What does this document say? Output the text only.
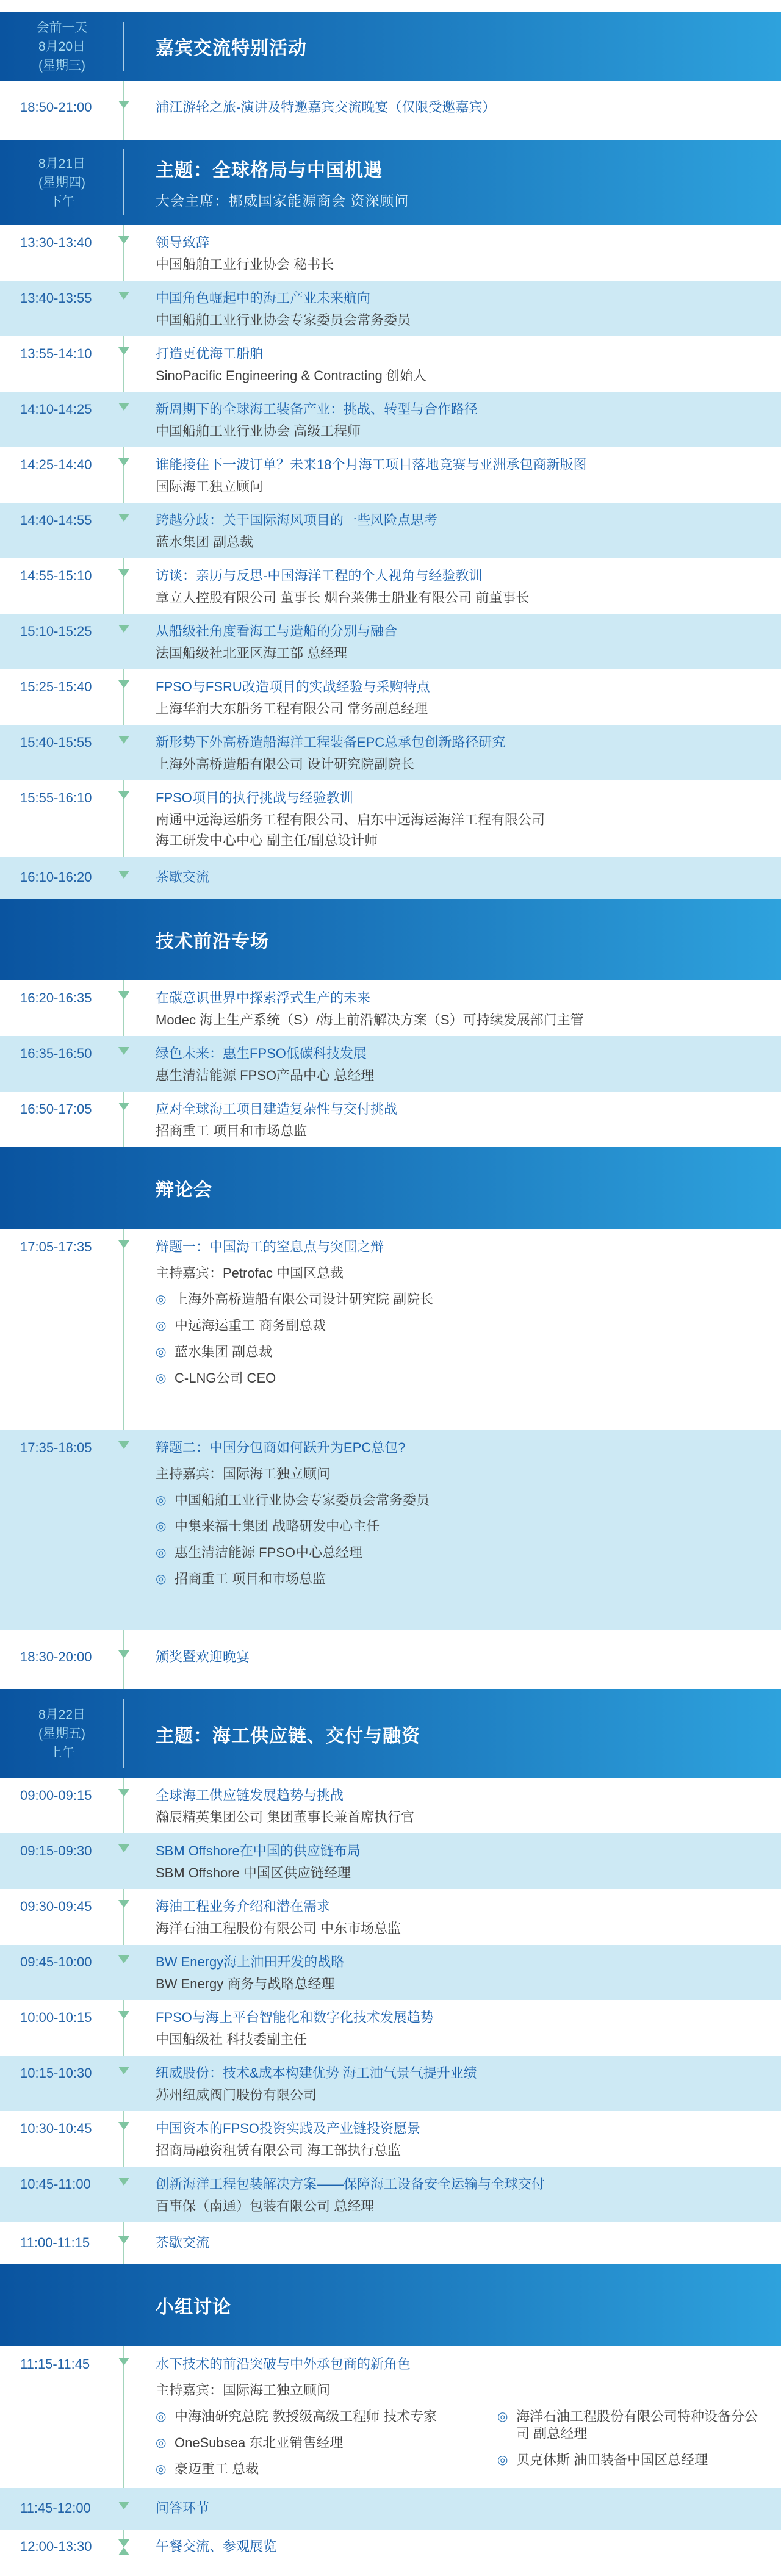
会前一天
8月20日
(星期三)
嘉宾交流特别活动
18:50-21:00	浦江游轮之旅-演讲及特邀嘉宾交流晚宴（仅限受邀嘉宾）
8月21日
(星期四)
下午
主题：全球格局与中国机遇
大会主席：挪威国家能源商会 资深顾问
13:30-13:40	领导致辞
中国船舶工业行业协会 秘书长
13:40-13:55	中国角色崛起中的海工产业未来航向
中国船舶工业行业协会专家委员会常务委员
13:55-14:10	打造更优海工船舶
SinoPacific Engineering & Contracting 创始人
14:10-14:25	新周期下的全球海工装备产业：挑战、转型与合作路径
中国船舶工业行业协会 高级工程师
14:25-14:40	谁能接住下一波订单？未来18个月海工项目落地竞赛与亚洲承包商新版图
国际海工独立顾问
14:40-14:55	跨越分歧：关于国际海风项目的一些风险点思考
蓝水集团 副总裁
14:55-15:10	访谈：亲历与反思-中国海洋工程的个人视角与经验教训
章立人控股有限公司 董事长 烟台莱佛士船业有限公司 前董事长
15:10-15:25	从船级社角度看海工与造船的分别与融合
法国船级社北亚区海工部 总经理
15:25-15:40	FPSO与FSRU改造项目的实战经验与采购特点
上海华润大东船务工程有限公司 常务副总经理
15:40-15:55	新形势下外高桥造船海洋工程装备EPC总承包创新路径研究
上海外高桥造船有限公司 设计研究院副院长
15:55-16:10	FPSO项目的执行挑战与经验教训
南通中远海运船务工程有限公司、启东中远海运海洋工程有限公司
海工研发中心中心 副主任/副总设计师
16:10-16:20	茶歇交流
技术前沿专场
16:20-16:35	在碳意识世界中探索浮式生产的未来
Modec 海上生产系统（S）/海上前沿解决方案（S）可持续发展部门主管
16:35-16:50	绿色未来：惠生FPSO低碳科技发展
惠生清洁能源 FPSO产品中心 总经理
16:50-17:05	应对全球海工项目建造复杂性与交付挑战
招商重工 项目和市场总监
辩论会
17:05-17:35	辩题一：中国海工的窒息点与突围之辩
主持嘉宾：Petrofac 中国区总裁
◎ 上海外高桥造船有限公司设计研究院 副院长
◎ 中远海运重工 商务副总裁
◎ 蓝水集团 副总裁
◎ C-LNG公司 CEO
17:35-18:05	辩题二：中国分包商如何跃升为EPC总包?
主持嘉宾：国际海工独立顾问
◎ 中国船舶工业行业协会专家委员会常务委员
◎ 中集来福士集团 战略研发中心主任
◎ 惠生清洁能源 FPSO中心总经理
◎ 招商重工 项目和市场总监
18:30-20:00	颁奖暨欢迎晚宴
8月22日
(星期五)
上午
主题：海工供应链、交付与融资
09:00-09:15	全球海工供应链发展趋势与挑战
瀚辰精英集团公司 集团董事长兼首席执行官
09:15-09:30	SBM Offshore在中国的供应链布局
SBM Offshore 中国区供应链经理
09:30-09:45	海油工程业务介绍和潜在需求
海洋石油工程股份有限公司 中东市场总监
09:45-10:00	BW Energy海上油田开发的战略
BW Energy 商务与战略总经理
10:00-10:15	FPSO与海上平台智能化和数字化技术发展趋势
中国船级社 科技委副主任
10:15-10:30	纽威股份：技术&成本构建优势 海工油气景气提升业绩
苏州纽威阀门股份有限公司
10:30-10:45	中国资本的FPSO投资实践及产业链投资愿景
招商局融资租赁有限公司 海工部执行总监
10:45-11:00	创新海洋工程包装解决方案——保障海工设备安全运输与全球交付
百事保（南通）包装有限公司 总经理
11:00-11:15	茶歇交流
小组讨论
11:15-11:45	水下技术的前沿突破与中外承包商的新角色
主持嘉宾：国际海工独立顾问
◎ 中海油研究总院 教授级高级工程师 技术专家
◎ OneSubsea 东北亚销售经理
◎ 豪迈重工 总裁
◎ 海洋石油工程股份有限公司特种设备分公司 副总经理
◎ 贝克休斯 油田装备中国区总经理
11:45-12:00	问答环节
12:00-13:30	午餐交流、参观展览
